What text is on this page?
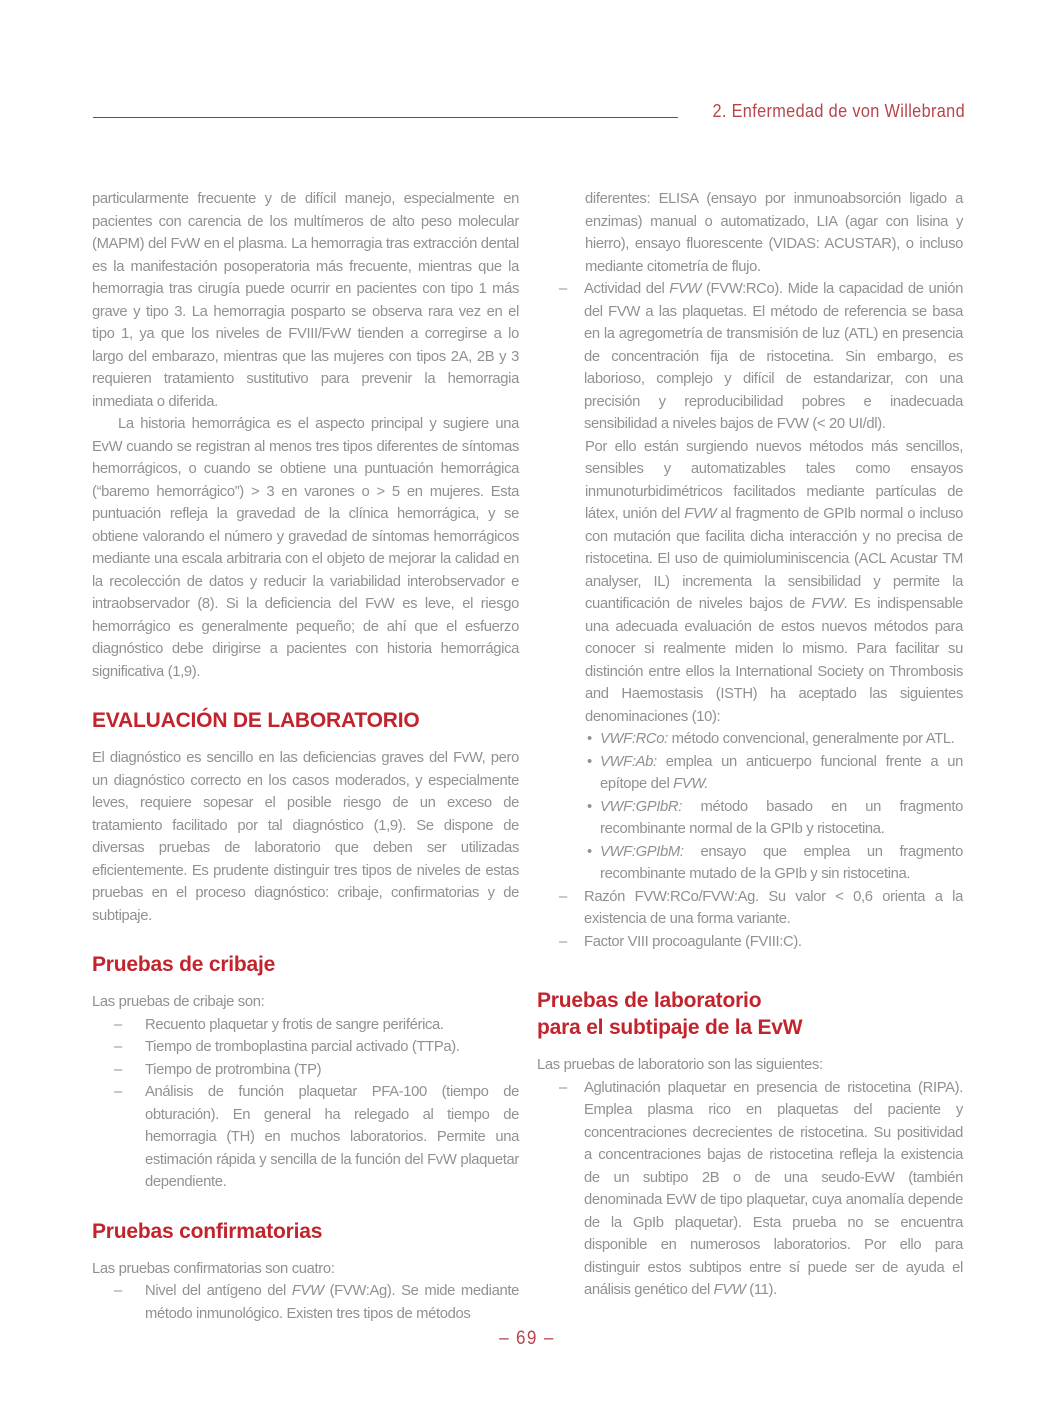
2. Enfermedad de von Willebrand

particularmente frecuente y de difícil manejo, especialmente en pacientes con carencia de los multímeros de alto peso molecular (MAPM) del FvW en el plasma. La hemorragia tras extracción dental es la manifestación posoperatoria más frecuente, mientras que la hemorragia tras cirugía puede ocurrir en pacientes con tipo 1 más grave y tipo 3. La hemorragia posparto se observa rara vez en el tipo 1, ya que los niveles de FVIII/FvW tienden a corregirse a lo largo del embarazo, mientras que las mujeres con tipos 2A, 2B y 3 requieren tratamiento sustitutivo para prevenir la hemorragia inmediata o diferida.

La historia hemorrágica es el aspecto principal y sugiere una EvW cuando se registran al menos tres tipos diferentes de síntomas hemorrágicos, o cuando se obtiene una puntuación hemorrágica (“baremo hemorrágico”) > 3 en varones o > 5 en mujeres. Esta puntuación refleja la gravedad de la clínica hemorrágica, y se obtiene valorando el número y gravedad de síntomas hemorrágicos mediante una escala arbitraria con el objeto de mejorar la calidad en la recolección de datos y reducir la variabilidad interobservador e intraobservador (8). Si la deficiencia del FvW es leve, el riesgo hemorrágico es generalmente pequeño; de ahí que el esfuerzo diagnóstico debe dirigirse a pacientes con historia hemorrágica significativa (1,9).

EVALUACIÓN DE LABORATORIO

El diagnóstico es sencillo en las deficiencias graves del FvW, pero un diagnóstico correcto en los casos moderados, y especialmente leves, requiere sopesar el posible riesgo de un exceso de tratamiento facilitado por tal diagnóstico (1,9). Se dispone de diversas pruebas de laboratorio que deben ser utilizadas eficientemente. Es prudente distinguir tres tipos de niveles de estas pruebas en el proceso diagnóstico: cribaje, confirmatorias y de subtipaje.

Pruebas de cribaje

Las pruebas de cribaje son:

–	Recuento plaquetar y frotis de sangre periférica.

–	Tiempo de tromboplastina parcial activado (TTPa).

–	Tiempo de protrombina (TP)

–	Análisis de función plaquetar PFA-100 (tiempo de obturación). En general ha relegado al tiempo de hemorragia (TH) en muchos laboratorios. Permite una estimación rápida y sencilla de la función del FvW plaquetar dependiente.

Pruebas confirmatorias

Las pruebas confirmatorias son cuatro:

–	Nivel del antígeno del FVW (FVW:Ag). Se mide mediante método inmunológico. Existen tres tipos de métodos

diferentes: ELISA (ensayo por inmunoabsorción ligado a enzimas) manual o automatizado, LIA (agar con lisina y hierro), ensayo fluorescente (VIDAS: ACUSTAR), o incluso mediante citometría de flujo.

–	Actividad del FVW (FVW:RCo). Mide la capacidad de unión del FVW a las plaquetas. El método de referencia se basa en la agregometría de transmisión de luz (ATL) en presencia de concentración fija de ristocetina. Sin embargo, es laborioso, complejo y difícil de estandarizar, con una precisión y reproducibilidad pobres e inadecuada sensibilidad a niveles bajos de FVW (< 20 UI/dl).

Por ello están surgiendo nuevos métodos más sencillos, sensibles y automatizables tales como ensayos inmunoturbidimétricos facilitados mediante partículas de látex, unión del FVW al fragmento de GPIb normal o incluso con mutación que facilita dicha interacción y no precisa de ristocetina. El uso de quimioluminiscencia (ACL Acustar TM analyser, IL) incrementa la sensibilidad y permite la cuantificación de niveles bajos de FVW. Es indispensable una adecuada evaluación de estos nuevos métodos para conocer si realmente miden lo mismo. Para facilitar su distinción entre ellos la International Society on Thrombosis and Haemostasis (ISTH) ha aceptado las siguientes denominaciones (10):

• VWF:RCo: método convencional, generalmente por ATL.

• VWF:Ab: emplea un anticuerpo funcional frente a un epítope del FVW.

• VWF:GPIbR: método basado en un fragmento recombinante normal de la GPIb y ristocetina.

• VWF:GPIbM: ensayo que emplea un fragmento recombinante mutado de la GPIb y sin ristocetina.

–	Razón FVW:RCo/FVW:Ag. Su valor < 0,6 orienta a la existencia de una forma variante.

–	Factor VIII procoagulante (FVIII:C).

Pruebas de laboratorio
para el subtipaje de la EvW

Las pruebas de laboratorio son las siguientes:

–	Aglutinación plaquetar en presencia de ristocetina (RIPA). Emplea plasma rico en plaquetas del paciente y concentraciones decrecientes de ristocetina. Su positividad a concentraciones bajas de ristocetina refleja la existencia de un subtipo 2B o de una seudo-EvW (también denominada EvW de tipo plaquetar, cuya anomalía depende de la GpIb plaquetar). Esta prueba no se encuentra disponible en numerosos laboratorios. Por ello para distinguir estos subtipos entre sí puede ser de ayuda el análisis genético del FVW (11).

– 69 –
